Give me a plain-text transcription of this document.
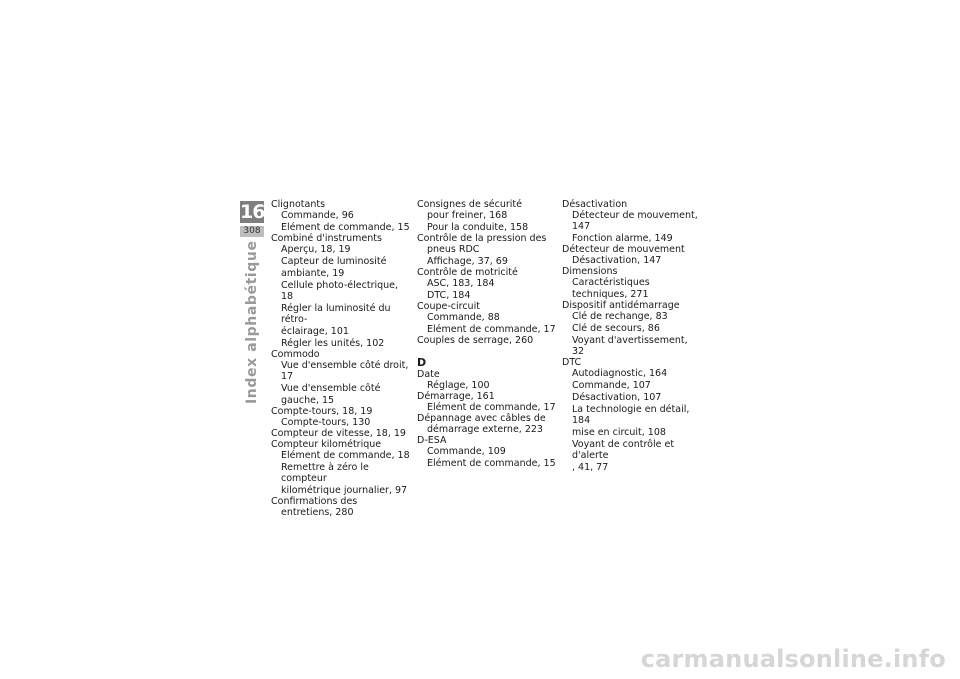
16
308
Index alphabétique
Clignotants
Commande, 96
Elément de commande, 15
Combiné d'instruments
Aperçu, 18, 19
Capteur de luminosité
ambiante, 19
Cellule photo-électrique, 18
Régler la luminosité du rétro-
éclairage, 101
Régler les unités, 102
Commodo
Vue d'ensemble côté droit, 17
Vue d'ensemble côté
gauche, 15
Compte-tours, 18, 19
Compte-tours, 130
Compteur de vitesse, 18, 19
Compteur kilométrique
Elément de commande, 18
Remettre à zéro le compteur
kilométrique journalier, 97
Confirmations des
entretiens, 280
Consignes de sécurité
pour freiner, 168
Pour la conduite, 158
Contrôle de la pression des
pneus RDC
Affichage, 37, 69
Contrôle de motricité
ASC, 183, 184
DTC, 184
Coupe-circuit
Commande, 88
Elément de commande, 17
Couples de serrage, 260
D
Date
Réglage, 100
Démarrage, 161
Elément de commande, 17
Dépannage avec câbles de
démarrage externe, 223
D-ESA
Commande, 109
Elément de commande, 15
Désactivation
Détecteur de mouvement, 147
Fonction alarme, 149
Détecteur de mouvement
Désactivation, 147
Dimensions
Caractéristiques
techniques, 271
Dispositif antidémarrage
Clé de rechange, 83
Clé de secours, 86
Voyant d'avertissement, 32
DTC
Autodiagnostic, 164
Commande, 107
Désactivation, 107
La technologie en détail, 184
mise en circuit, 108
Voyant de contrôle et d'alerte
, 41, 77
carmanualsonline.info
